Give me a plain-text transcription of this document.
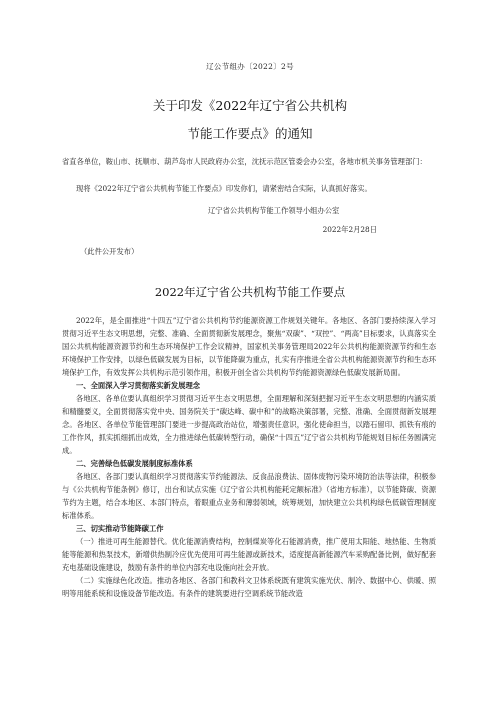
辽公节组办〔2022〕2号
关于印发《2022年辽宁省公共机构
节能工作要点》的通知

省直各单位，鞍山市、抚顺市、葫芦岛市人民政府办公室，沈抚示范区管委会办公室，各地市机关事务管理部门：

现将《2022年辽宁省公共机构节能工作要点》印发你们，请紧密结合实际，认真抓好落实。

辽宁省公共机构节能工作领导小组办公室
2022年2月28日
（此件公开发布）
2022年辽宁省公共机构节能工作要点

2022年，是全面推进“十四五”辽宁省公共机构节约能源资源工作规划关键年。各地区、各部门要持续深入学习贯彻习近平生态文明思想，完整、准确、全面贯彻新发展理念，聚焦“双碳”、“双控”、“两高”目标要求，认真落实全国公共机构能源资源节约和生态环境保护工作会议精神，国家机关事务管理局2022年公共机构能源资源节约和生态环境保护工作安排，以绿色低碳发展为目标，以节能降碳为重点，扎实有序推进全省公共机构能源资源节约和生态环境保护工作，有效发挥公共机构示范引领作用，积极开创全省公共机构节约能源资源绿色低碳发展新局面。

一、全面深入学习贯彻落实新发展理念

各地区、各单位要认真组织学习贯彻习近平生态文明思想，全面理解和深刻把握习近平生态文明思想的内涵实质和精髓要义，全面贯彻落实党中央、国务院关于“碳达峰、碳中和”的战略决策部署，完整、准确、全面贯彻新发展理念。各地区、各单位节能管理部门要进一步提高政治站位，增强责任意识，强化使命担当，以踏石留印、抓铁有痕的工作作风，抓实抓细抓出成效，全力推进绿色低碳转型行动，确保“十四五”辽宁省公共机构节能规划目标任务圆满完成。

二、完善绿色低碳发展制度标准体系

各地区、各部门要认真组织学习贯彻落实节约能源法、反食品浪费法、固体废物污染环境防治法等法律，积极参与《公共机构节能条例》修订，出台和试点实施《辽宁省公共机构能耗定额标准》（省地方标准），以节能降碳、资源节约为主题，结合本地区、本部门特点，着眼重点业务和薄弱领域，统筹规划，加快建立公共机构绿色低碳管理制度标准体系。

三、切实推动节能降碳工作

（一）推进可再生能源替代。优化能源消费结构，控制煤炭等化石能源消费，推广使用太阳能、地热能、生物质能等能源和热泵技术，新增供热制冷应优先使用可再生能源或新技术，适度提高新能源汽车采购配备比例，做好配套充电基础设施建设，鼓励有条件的单位内部充电设施向社会开放。

（二）实施绿色化改造。推动各地区、各部门和教科文卫体系统既有建筑实施光伏、制冷、数据中心、供暖、照明等用能系统和设施设备节能改造。有条件的建筑要进行空调系统节能改造
